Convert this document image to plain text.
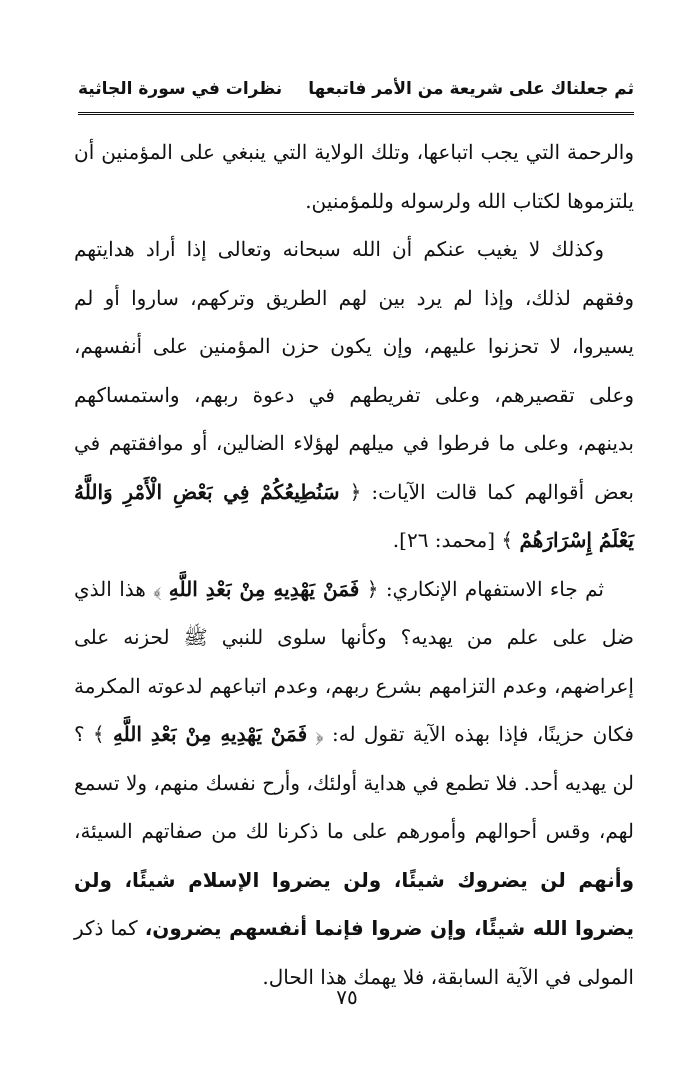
ثم جعلناك على شريعة من الأمر فاتبعها
نظرات في سورة الجاثية

والرحمة التي يجب اتباعها، وتلك الولاية التي ينبغي على المؤمنين أن يلتزموها لكتاب الله ولرسوله وللمؤمنين.

وكذلك لا يغيب عنكم أن الله سبحانه وتعالى إذا أراد هدايتهم وفقهم لذلك، وإذا لم يرد بين لهم الطريق وتركهم، ساروا أو لم يسيروا، لا تحزنوا عليهم، وإن يكون حزن المؤمنين على أنفسهم، وعلى تقصيرهم، وعلى تفريطهم في دعوة ربهم، واستمساكهم بدينهم، وعلى ما فرطوا في ميلهم لهؤلاء الضالين، أو موافقتهم في بعض أقوالهم كما قالت الآيات: ﴿ سَنُطِيعُكُمْ فِي بَعْضِ الْأَمْرِ وَاللَّهُ يَعْلَمُ إِسْرَارَهُمْ ﴾ [محمد: ٢٦].

ثم جاء الاستفهام الإنكاري: ﴿ فَمَنْ يَهْدِيهِ مِنْ بَعْدِ اللَّهِ ﴾ هذا الذي ضل على علم من يهديه؟ وكأنها سلوى للنبي ﷺ لحزنه على إعراضهم، وعدم التزامهم بشرع ربهم، وعدم اتباعهم لدعوته المكرمة فكان حزينًا، فإذا بهذه الآية تقول له: ﴿ فَمَنْ يَهْدِيهِ مِنْ بَعْدِ اللَّهِ ﴾ ؟ لن يهديه أحد. فلا تطمع في هداية أولئك، وأرح نفسك منهم، ولا تسمع لهم، وقس أحوالهم وأمورهم على ما ذكرنا لك من صفاتهم السيئة، وأنهم لن يضروك شيئًا، ولن يضروا الإسلام شيئًا، ولن يضروا الله شيئًا، وإن ضروا فإنما أنفسهم يضرون، كما ذكر المولى في الآية السابقة، فلا يهمك هذا الحال.

٧٥
